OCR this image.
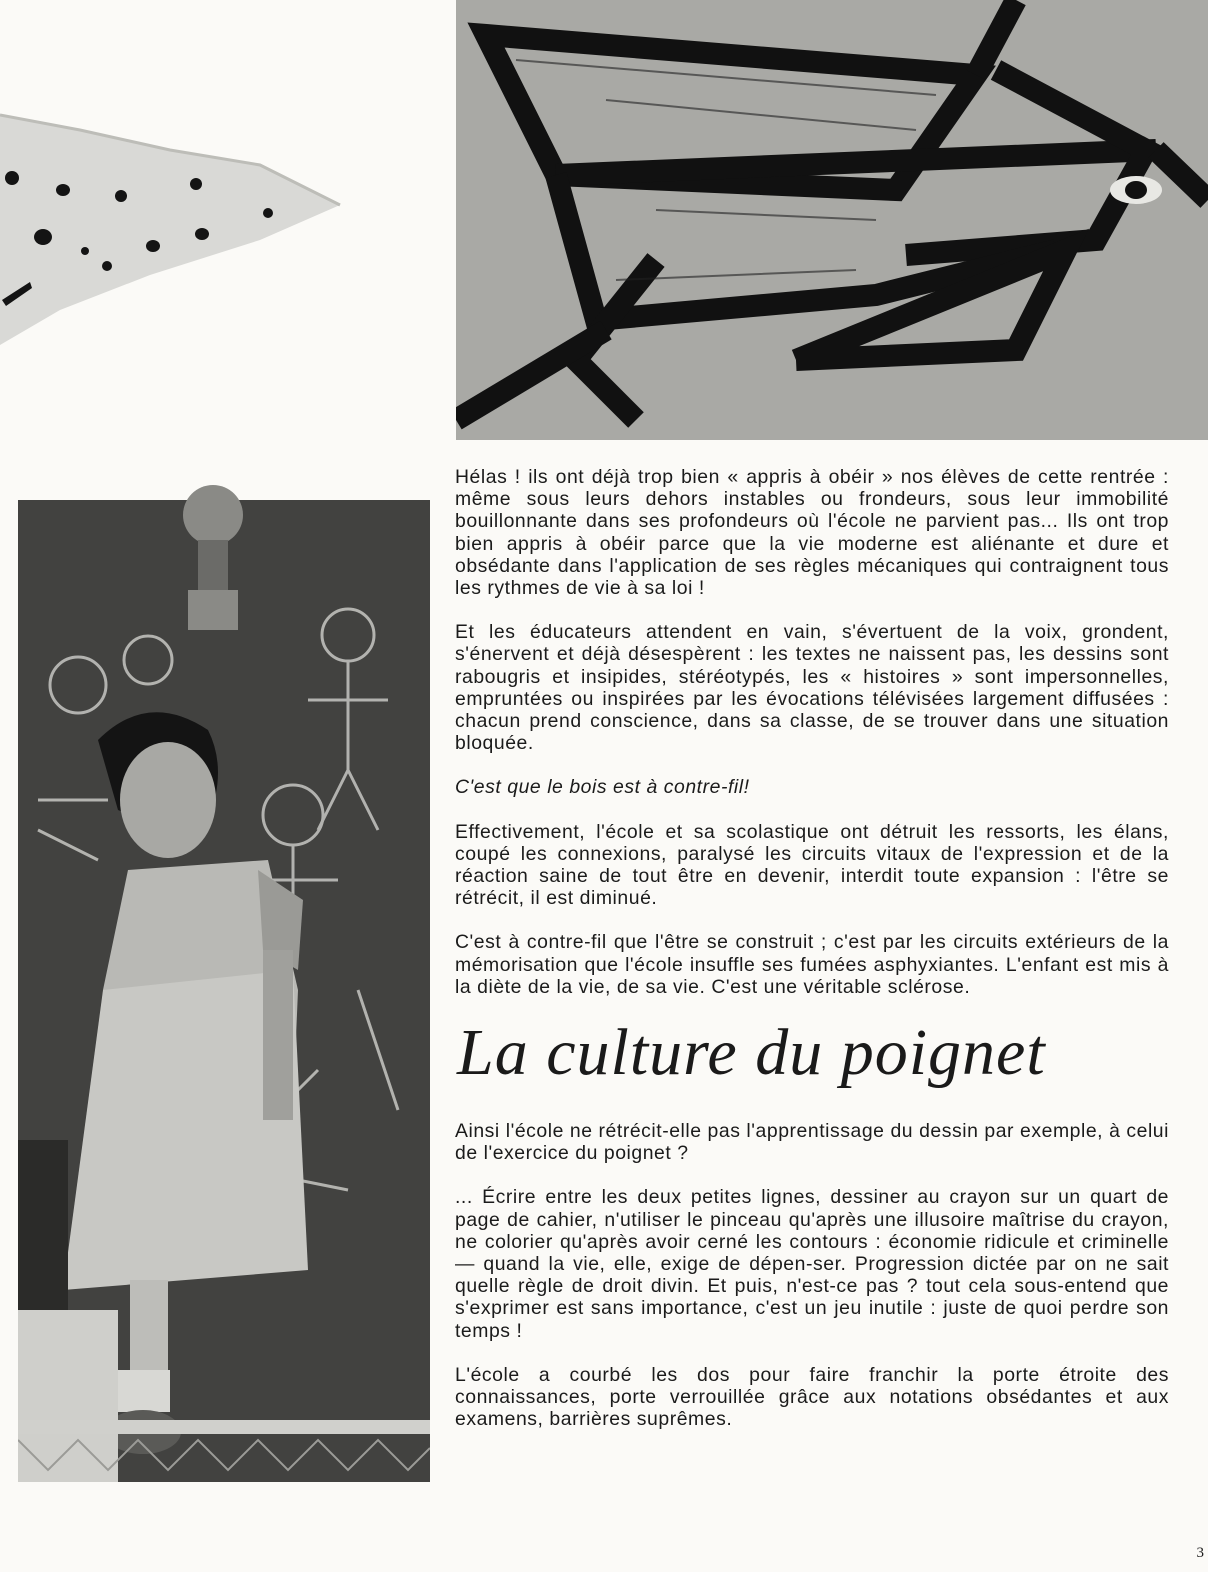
Hélas ! ils ont déjà trop bien « appris à obéir » nos élèves de cette rentrée : même sous leurs dehors instables ou frondeurs, sous leur immobilité bouillonnante dans ses profondeurs où l'école ne parvient pas... Ils ont trop bien appris à obéir parce que la vie moderne est aliénante et dure et obsédante dans l'application de ses règles mécaniques qui contraignent tous les rythmes de vie à sa loi !

Et les éducateurs attendent en vain, s'évertuent de la voix, grondent, s'énervent et déjà désespèrent : les textes ne naissent pas, les dessins sont rabougris et insipides, stéréotypés, les « histoires » sont impersonnelles, empruntées ou inspirées par les évocations télévisées largement diffusées : chacun prend conscience, dans sa classe, de se trouver dans une situation bloquée.

C'est que le bois est à contre-fil!

Effectivement, l'école et sa scolastique ont détruit les ressorts, les élans, coupé les connexions, paralysé les circuits vitaux de l'expression et de la réaction saine de tout être en devenir, interdit toute expansion : l'être se rétrécit, il est diminué.

C'est à contre-fil que l'être se construit ; c'est par les circuits extérieurs de la mémorisation que l'école insuffle ses fumées asphyxiantes. L'enfant est mis à la diète de la vie, de sa vie. C'est une véritable sclérose.

La culture du poignet

Ainsi l'école ne rétrécit-elle pas l'apprentissage du dessin par exemple, à celui de l'exercice du poignet ?

... Écrire entre les deux petites lignes, dessiner au crayon sur un quart de page de cahier, n'utiliser le pinceau qu'après une illusoire maîtrise du crayon, ne colorier qu'après avoir cerné les contours : économie ridicule et criminelle — quand la vie, elle, exige de dépen-ser. Progression dictée par on ne sait quelle règle de droit divin. Et puis, n'est-ce pas ? tout cela sous-entend que s'exprimer est sans importance, c'est un jeu inutile : juste de quoi perdre son temps !

L'école a courbé les dos pour faire franchir la porte étroite des connaissances, porte verrouillée grâce aux notations obsédantes et aux examens, barrières suprêmes.

3
